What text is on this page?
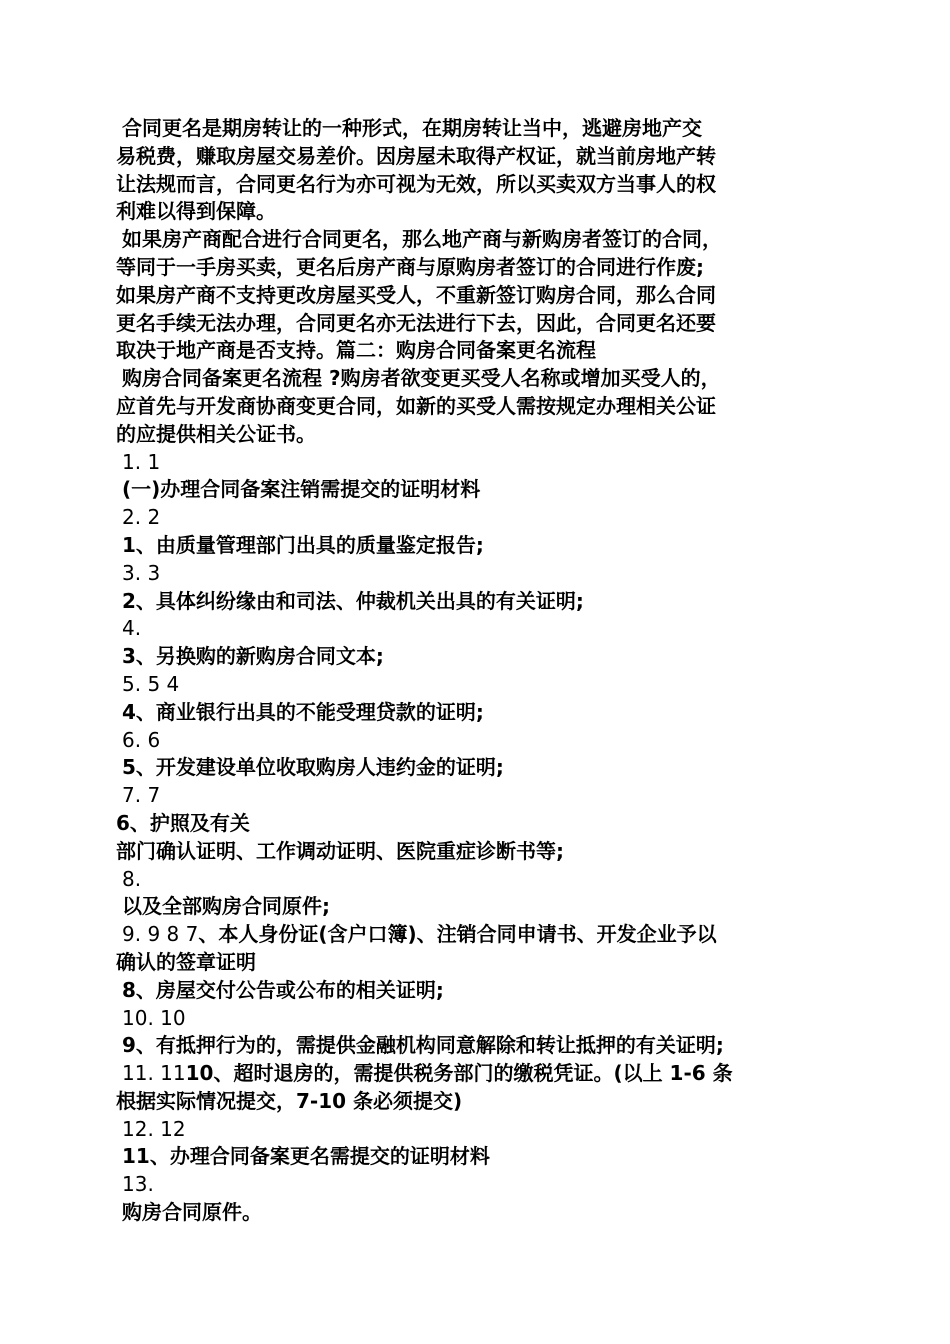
合同更名是期房转让的一种形式，在期房转让当中，逃避房地产交
易税费，赚取房屋交易差价。因房屋未取得产权证，就当前房地产转
让法规而言，合同更名行为亦可视为无效，所以买卖双方当事人的权
利难以得到保障。
如果房产商配合进行合同更名，那么地产商与新购房者签订的合同，
等同于一手房买卖，更名后房产商与原购房者签订的合同进行作废;
如果房产商不支持更改房屋买受人，不重新签订购房合同，那么合同
更名手续无法办理，合同更名亦无法进行下去，因此，合同更名还要
取决于地产商是否支持。篇二：购房合同备案更名流程
购房合同备案更名流程 ?购房者欲变更买受人名称或增加买受人的，
应首先与开发商协商变更合同，如新的买受人需按规定办理相关公证
的应提供相关公证书。
1. 1
(一)办理合同备案注销需提交的证明材料
2. 2
1、由质量管理部门出具的质量鉴定报告;
3. 3
2、具体纠纷缘由和司法、仲裁机关出具的有关证明;
4.
3、另换购的新购房合同文本;
5. 5 4
4、商业银行出具的不能受理贷款的证明;
6. 6
5、开发建设单位收取购房人违约金的证明;
7. 7
6、护照及有关
部门确认证明、工作调动证明、医院重症诊断书等;
8.
以及全部购房合同原件;
9. 9 8 7、本人身份证(含户口簿)、注销合同申请书、开发企业予以
确认的签章证明
8、房屋交付公告或公布的相关证明;
10. 10
9、有抵押行为的，需提供金融机构同意解除和转让抵押的有关证明;
11. 1110、超时退房的，需提供税务部门的缴税凭证。(以上 1-6 条
根据实际情况提交，7-10 条必须提交)
12. 12
11、办理合同备案更名需提交的证明材料
13.
购房合同原件。
